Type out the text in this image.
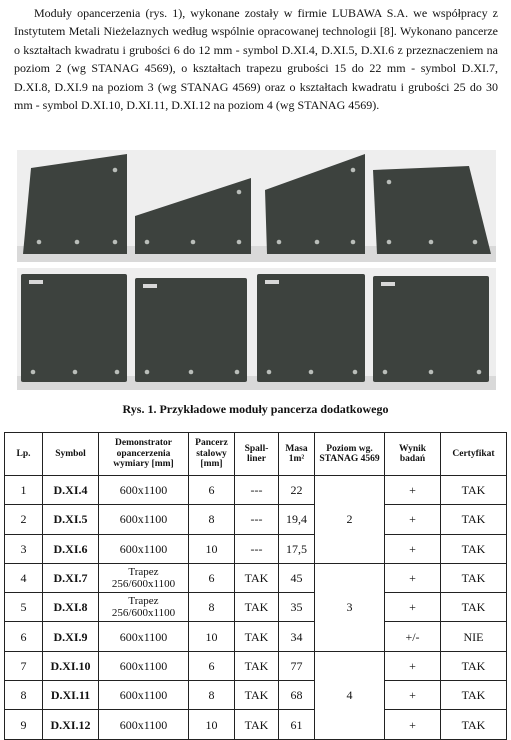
Moduły opancerzenia (rys. 1), wykonane zostały w firmie LUBAWA S.A. we współpracy z Instytutem Metali Nieżelaznych według wspólnie opracowanej technologii [8]. Wykonano pancerze o kształtach kwadratu i grubości 6 do 12 mm - symbol D.XI.4, D.XI.5, D.XI.6 z przeznaczeniem na poziom 2 (wg STANAG 4569), o kształtach trapezu grubości 15 do 22 mm - symbol D.XI.7, D.XI.8, D.XI.9 na poziom 3 (wg STANAG 4569) oraz o kształtach kwadratu i grubości 25 do 30 mm - symbol D.XI.10, D.XI.11, D.XI.12 na poziom 4 (wg STANAG 4569).

Rys. 1. Przykładowe moduły pancerza dodatkowego

Lp.	Symbol	Demonstrator opancerzenia wymiary [mm]	Pancerz stalowy [mm]	Spall-liner	Masa 1m²	Poziom wg. STANAG 4569	Wynik badań	Certyfikat
1	D.XI.4	600x1100	6	---	22	2	+	TAK
2	D.XI.5	600x1100	8	---	19,4		+	TAK
3	D.XI.6	600x1100	10	---	17,5		+	TAK
4	D.XI.7	Trapez 256/600x1100	6	TAK	45	3	+	TAK
5	D.XI.8	Trapez 256/600x1100	8	TAK	35		+	TAK
6	D.XI.9	600x1100	10	TAK	34		+/-	NIE
7	D.XI.10	600x1100	6	TAK	77	4	+	TAK
8	D.XI.11	600x1100	8	TAK	68		+	TAK
9	D.XI.12	600x1100	10	TAK	61		+	TAK
